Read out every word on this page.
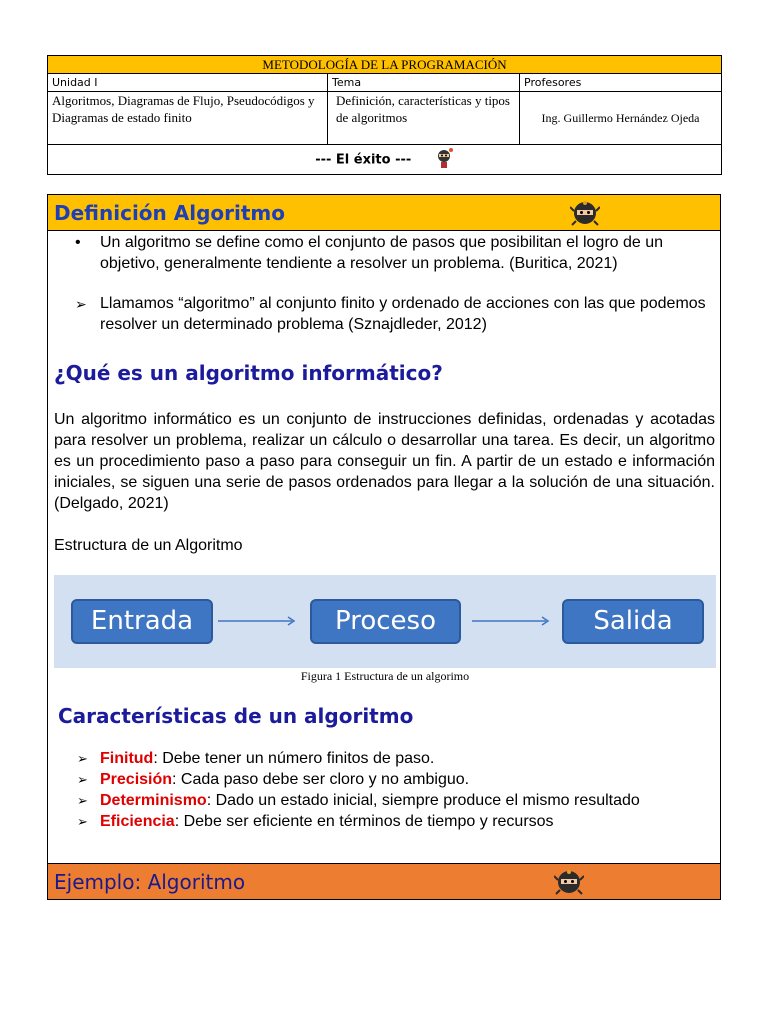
METODOLOGÍA DE LA PROGRAMACIÓN		
Unidad I	Tema	Profesores
Algoritmos, Diagramas de Flujo, Pseudocódigos y Diagramas de estado finito	Definición, características y tipos de algoritmos	Ing. Guillermo Hernández Ojeda
--- El éxito ---		
Definición Algoritmo
• Un algoritmo se define como el conjunto de pasos que posibilitan el logro de un objetivo, generalmente tendiente a resolver un problema. (Buritica, 2021)
➢ Llamamos “algoritmo” al conjunto finito y ordenado de acciones con las que podemos resolver un determinado problema (Sznajdleder, 2012)
¿Qué es un algoritmo informático?
Un algoritmo informático es un conjunto de instrucciones definidas, ordenadas y acotadas para resolver un problema, realizar un cálculo o desarrollar una tarea. Es decir, un algoritmo es un procedimiento paso a paso para conseguir un fin. A partir de un estado e información iniciales, se siguen una serie de pasos ordenados para llegar a la solución de una situación. (Delgado, 2021)
Estructura de un Algoritmo
Entrada	Proceso	Salida
Figura 1 Estructura de un algorimo
Características de un algoritmo
➢ Finitud: Debe tener un número finitos de paso.
➢ Precisión: Cada paso debe ser cloro y no ambiguo.
➢ Determinismo: Dado un estado inicial, siempre produce el mismo resultado
➢ Eficiencia: Debe ser eficiente en términos de tiempo y recursos
Ejemplo: Algoritmo
